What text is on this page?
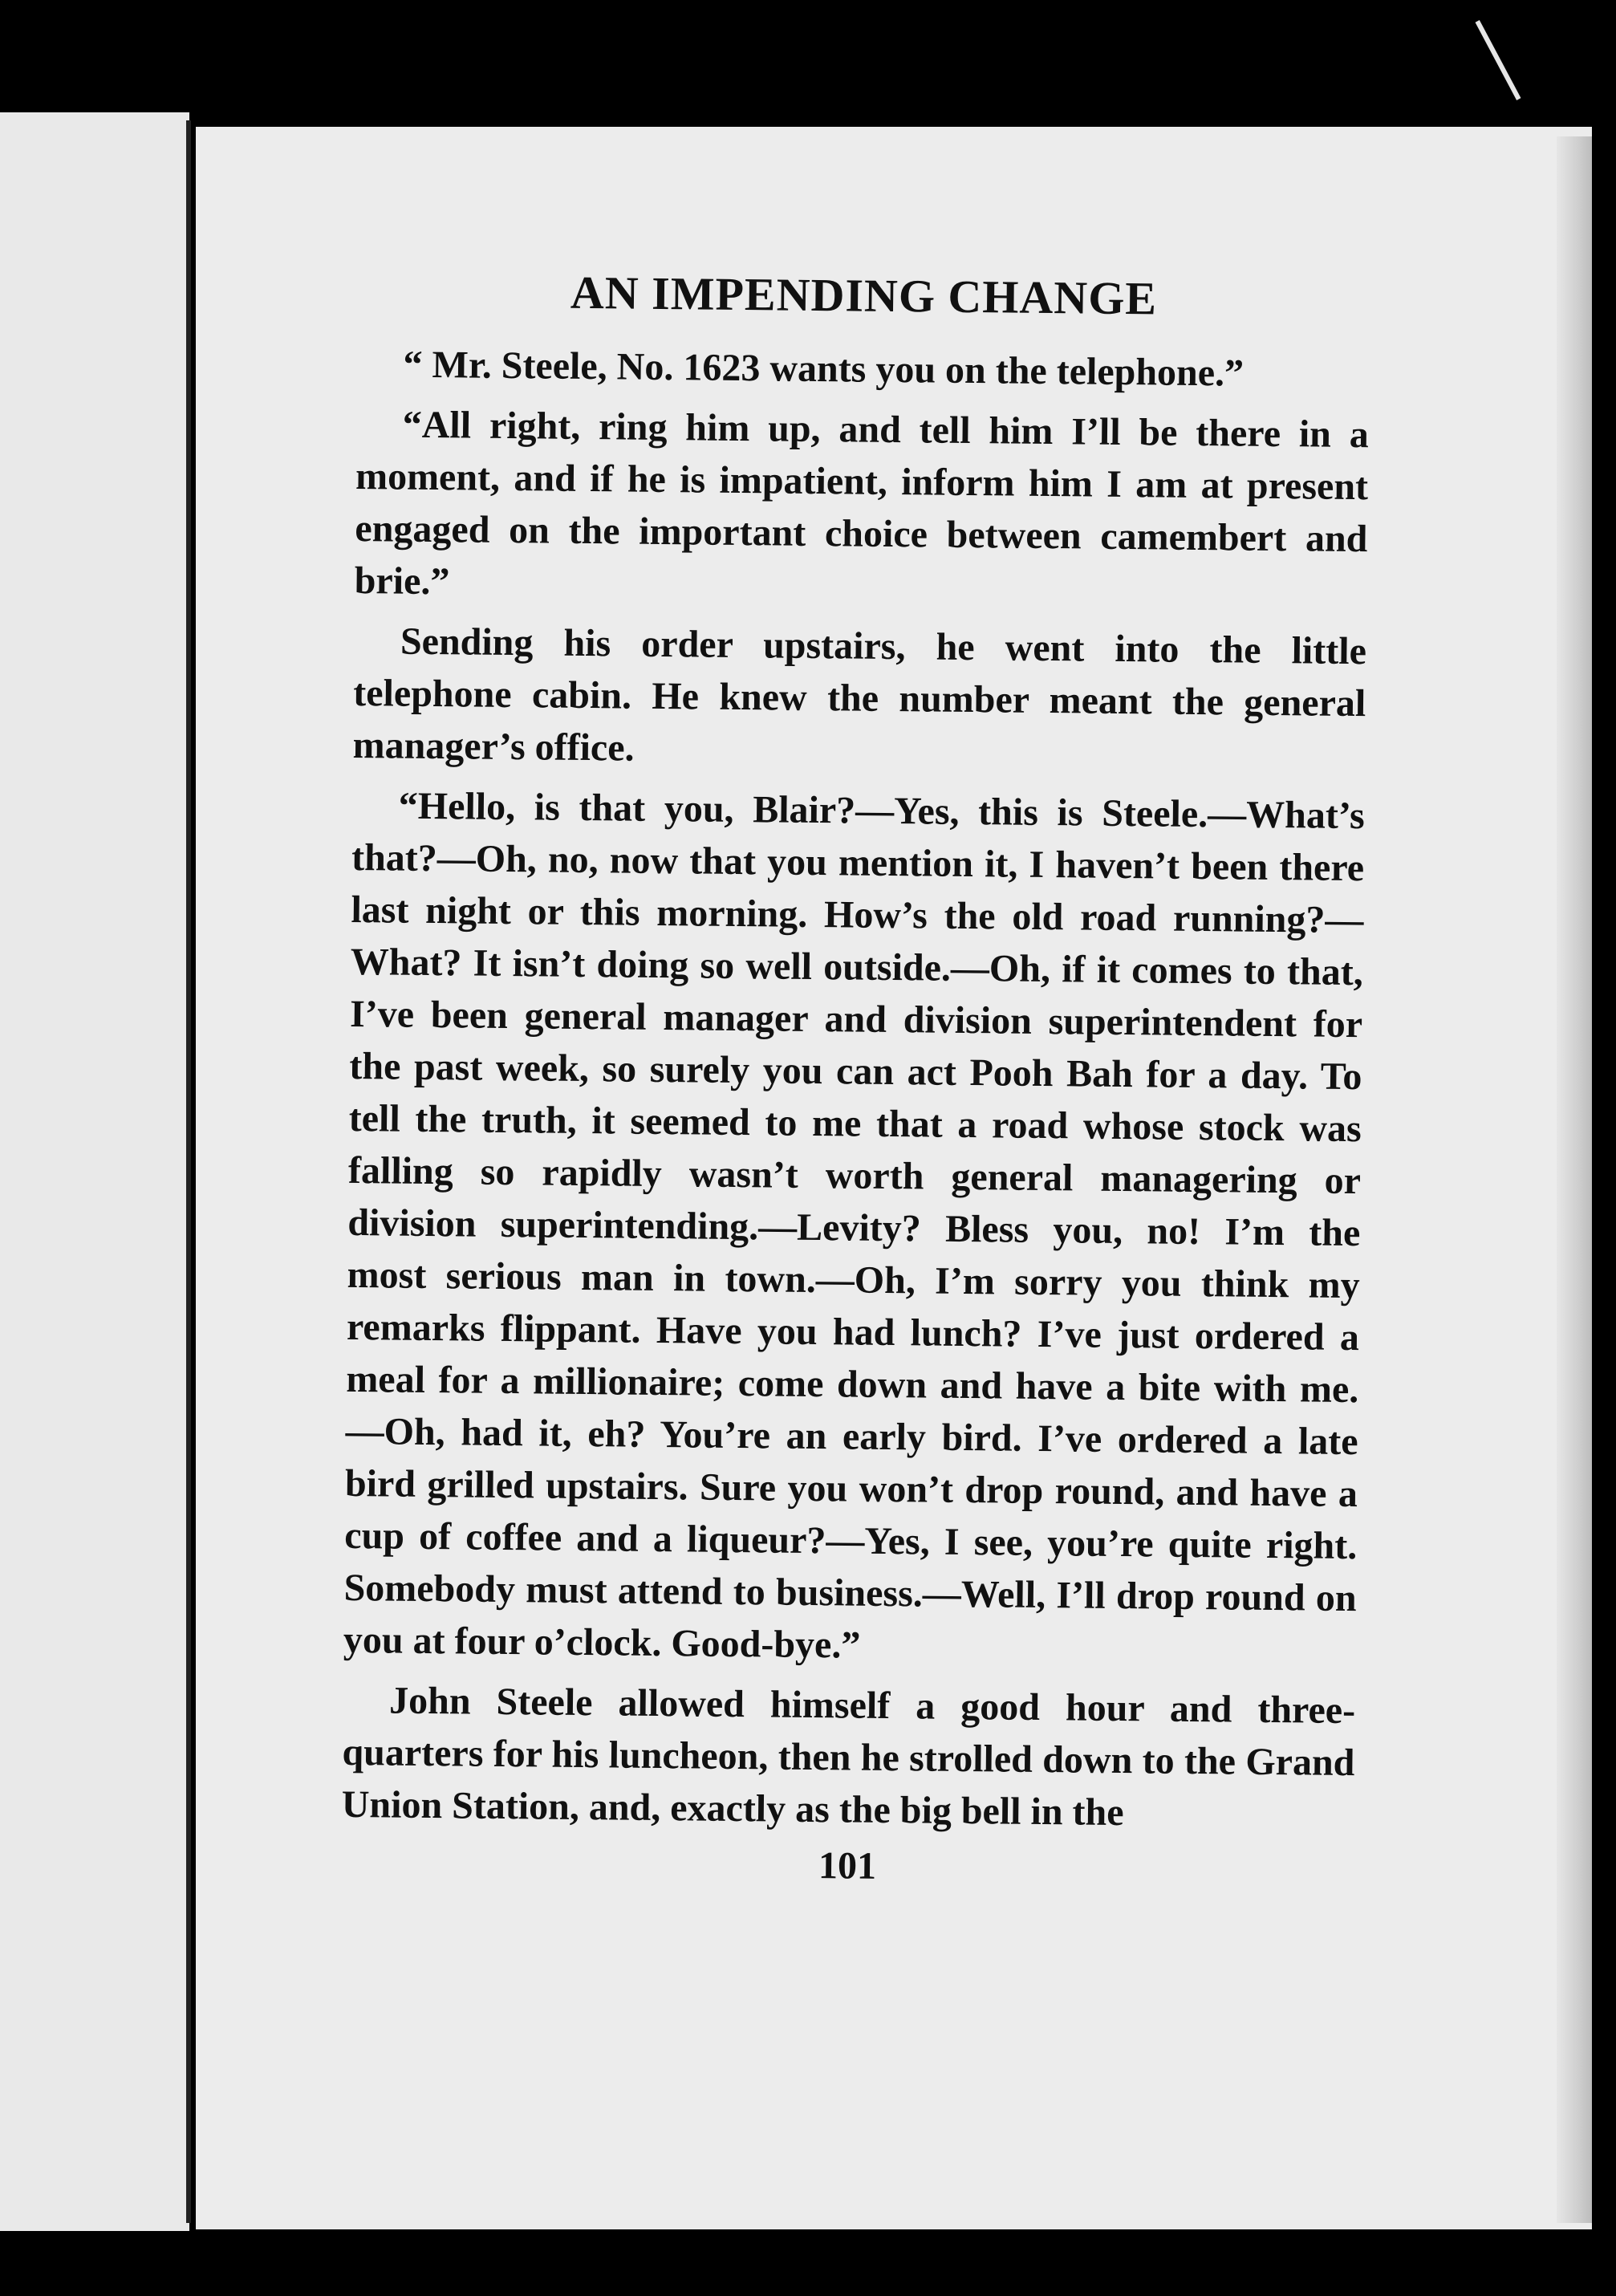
AN IMPENDING CHANGE

“ Mr. Steele, No. 1623 wants you on the telephone.”

“All right, ring him up, and tell him I’ll be there in a moment, and if he is impatient, inform him I am at present engaged on the important choice between camembert and brie.”

Sending his order upstairs, he went into the little telephone cabin. He knew the number meant the general manager’s office.

“Hello, is that you, Blair?—Yes, this is Steele.—What’s that?—Oh, no, now that you mention it, I haven’t been there last night or this morning. How’s the old road running?—What? It isn’t doing so well outside.—Oh, if it comes to that, I’ve been general manager and division superintendent for the past week, so surely you can act Pooh Bah for a day. To tell the truth, it seemed to me that a road whose stock was falling so rapidly wasn’t worth general managering or division superintending.—Levity? Bless you, no! I’m the most serious man in town.—Oh, I’m sorry you think my remarks flippant. Have you had lunch? I’ve just ordered a meal for a millionaire; come down and have a bite with me. —Oh, had it, eh? You’re an early bird. I’ve ordered a late bird grilled upstairs. Sure you won’t drop round, and have a cup of coffee and a liqueur?—Yes, I see, you’re quite right. Somebody must attend to business.—Well, I’ll drop round on you at four o’clock. Good-bye.”

John Steele allowed himself a good hour and three-quarters for his luncheon, then he strolled down to the Grand Union Station, and, exactly as the big bell in the

101
